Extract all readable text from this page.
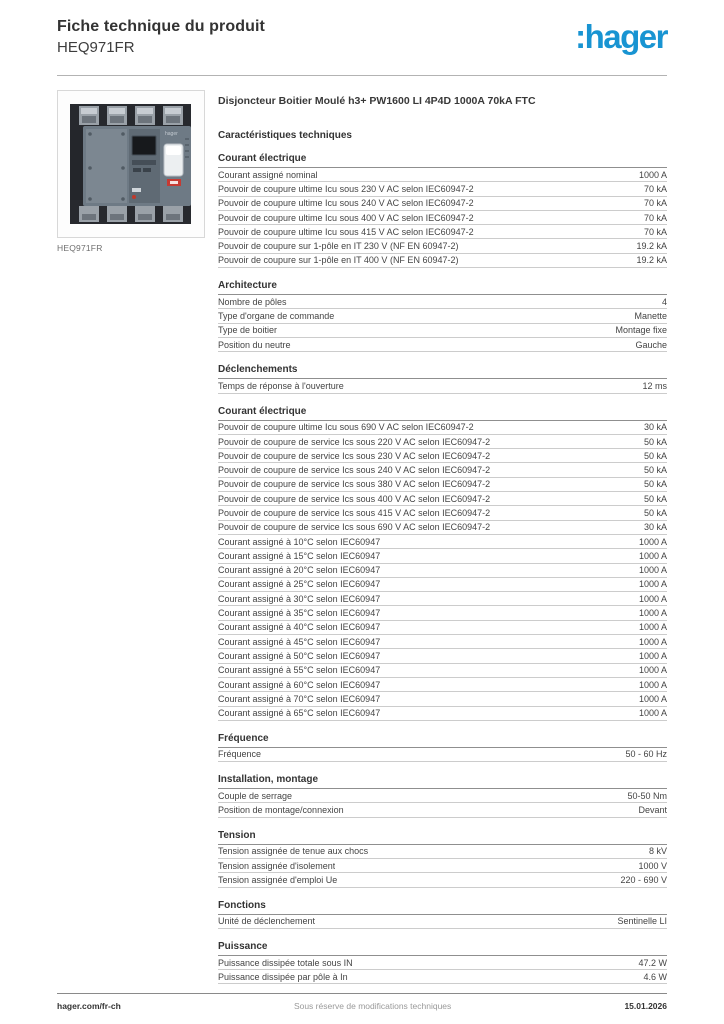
Fiche technique du produit
HEQ971FR	:hager
hager
HEQ971FR
Disjoncteur Boitier Moulé h3+ PW1600 LI 4P4D 1000A 70kA FTC
Caractéristiques techniques
Courant électrique
Courant assigné nominal	1000 A
Pouvoir de coupure ultime Icu sous 230 V AC selon IEC60947-2	70 kA
Pouvoir de coupure ultime Icu sous 240 V AC selon IEC60947-2	70 kA
Pouvoir de coupure ultime Icu sous 400 V AC selon IEC60947-2	70 kA
Pouvoir de coupure ultime Icu sous 415 V AC selon IEC60947-2	70 kA
Pouvoir de coupure sur 1-pôle en IT 230 V (NF EN 60947-2)	19.2 kA
Pouvoir de coupure sur 1-pôle en IT 400 V (NF EN 60947-2)	19.2 kA
Architecture
Nombre de pôles	4
Type d'organe de commande	Manette
Type de boitier	Montage fixe
Position du neutre	Gauche
Déclenchements
Temps de réponse à l'ouverture	12 ms
Courant électrique
Pouvoir de coupure ultime Icu sous 690 V AC selon IEC60947-2	30 kA
Pouvoir de coupure de service Ics sous 220 V AC selon IEC60947-2	50 kA
Pouvoir de coupure de service Ics sous 230 V AC selon IEC60947-2	50 kA
Pouvoir de coupure de service Ics sous 240 V AC selon IEC60947-2	50 kA
Pouvoir de coupure de service Ics sous 380 V AC selon IEC60947-2	50 kA
Pouvoir de coupure de service Ics sous 400 V AC selon IEC60947-2	50 kA
Pouvoir de coupure de service Ics sous 415 V AC selon IEC60947-2	50 kA
Pouvoir de coupure de service Ics sous 690 V AC selon IEC60947-2	30 kA
Courant assigné à 10°C selon IEC60947	1000 A
Courant assigné à 15°C selon IEC60947	1000 A
Courant assigné à 20°C selon IEC60947	1000 A
Courant assigné à 25°C selon IEC60947	1000 A
Courant assigné à 30°C selon IEC60947	1000 A
Courant assigné à 35°C selon IEC60947	1000 A
Courant assigné à 40°C selon IEC60947	1000 A
Courant assigné à 45°C selon IEC60947	1000 A
Courant assigné à 50°C selon IEC60947	1000 A
Courant assigné à 55°C selon IEC60947	1000 A
Courant assigné à 60°C selon IEC60947	1000 A
Courant assigné à 70°C selon IEC60947	1000 A
Courant assigné à 65°C selon IEC60947	1000 A
Fréquence
Fréquence	50 - 60 Hz
Installation, montage
Couple de serrage	50-50 Nm
Position de montage/connexion	Devant
Tension
Tension assignée de tenue aux chocs	8 kV
Tension assignée d'isolement	1000 V
Tension assignée d'emploi Ue	220 - 690 V
Fonctions
Unité de déclenchement	Sentinelle LI
Puissance
Puissance dissipée totale sous IN	47.2 W
Puissance dissipée par pôle à In	4.6 W
hager.com/fr-ch	Sous réserve de modifications techniques	15.01.2026
